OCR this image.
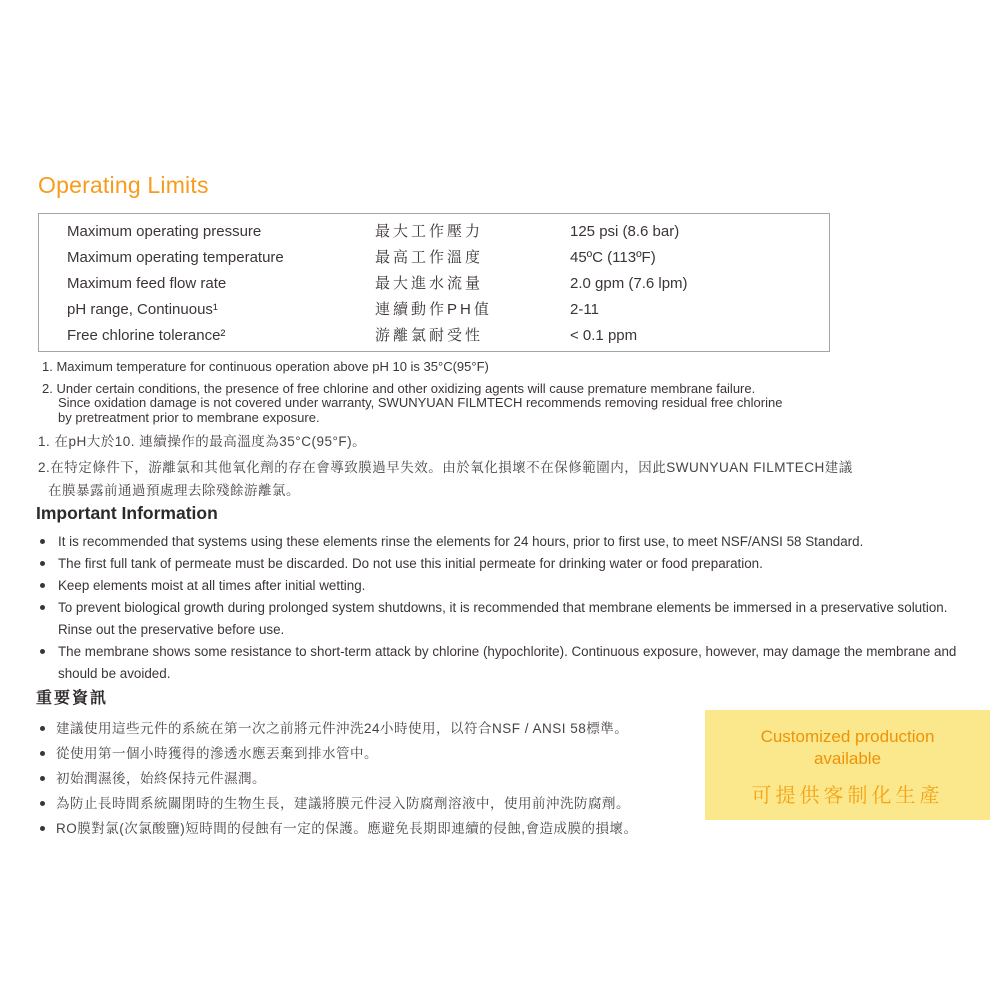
Operating Limits
Maximum operating pressure	最大工作壓力	125 psi (8.6 bar)
Maximum operating temperature	最高工作溫度	45ºC (113ºF)
Maximum feed flow rate	最大進水流量	2.0 gpm (7.6 lpm)
pH range, Continuous¹	連續動作PH值	2-11
Free chlorine tolerance²	游離氯耐受性	< 0.1 ppm
1. Maximum temperature for continuous operation above pH 10 is 35°C(95°F)
2. Under certain conditions, the presence of free chlorine and other oxidizing agents will cause premature membrane failure.
Since oxidation damage is not covered under warranty, SWUNYUAN FILMTECH recommends removing residual free chlorine
by pretreatment prior to membrane exposure.
1. 在pH大於10. 連續操作的最高溫度為35°C(95°F)。
2.在特定條件下，游離氯和其他氧化劑的存在會導致膜過早失效。由於氧化損壞不在保修範圍内，因此SWUNYUAN FILMTECH建議
在膜暴露前通過預處理去除殘餘游離氯。
Important Information
It is recommended that systems using these elements rinse the elements for 24 hours, prior to first use, to meet NSF/ANSI 58 Standard.
The first full tank of permeate must be discarded. Do not use this initial permeate for drinking water or food preparation.
Keep elements moist at all times after initial wetting.
To prevent biological growth during prolonged system shutdowns, it is recommended that membrane elements be immersed in a preservative solution. Rinse out the preservative before use.
The membrane shows some resistance to short-term attack by chlorine (hypochlorite). Continuous exposure, however, may damage the membrane and should be avoided.
重要資訊
建議使用這些元件的系統在第一次之前將元件沖洗24小時使用，以符合NSF / ANSI 58標準。
從使用第一個小時獲得的滲透水應丟棄到排水管中。
初始潤濕後，始終保持元件濕潤。
為防止長時間系統關閉時的生物生長，建議將膜元件浸入防腐劑溶液中，使用前沖洗防腐劑。
RO膜對氯(次氯酸鹽)短時間的侵蝕有一定的保護。應避免長期即連續的侵蝕,會造成膜的損壞。
Customized production
available
可提供客制化生產
